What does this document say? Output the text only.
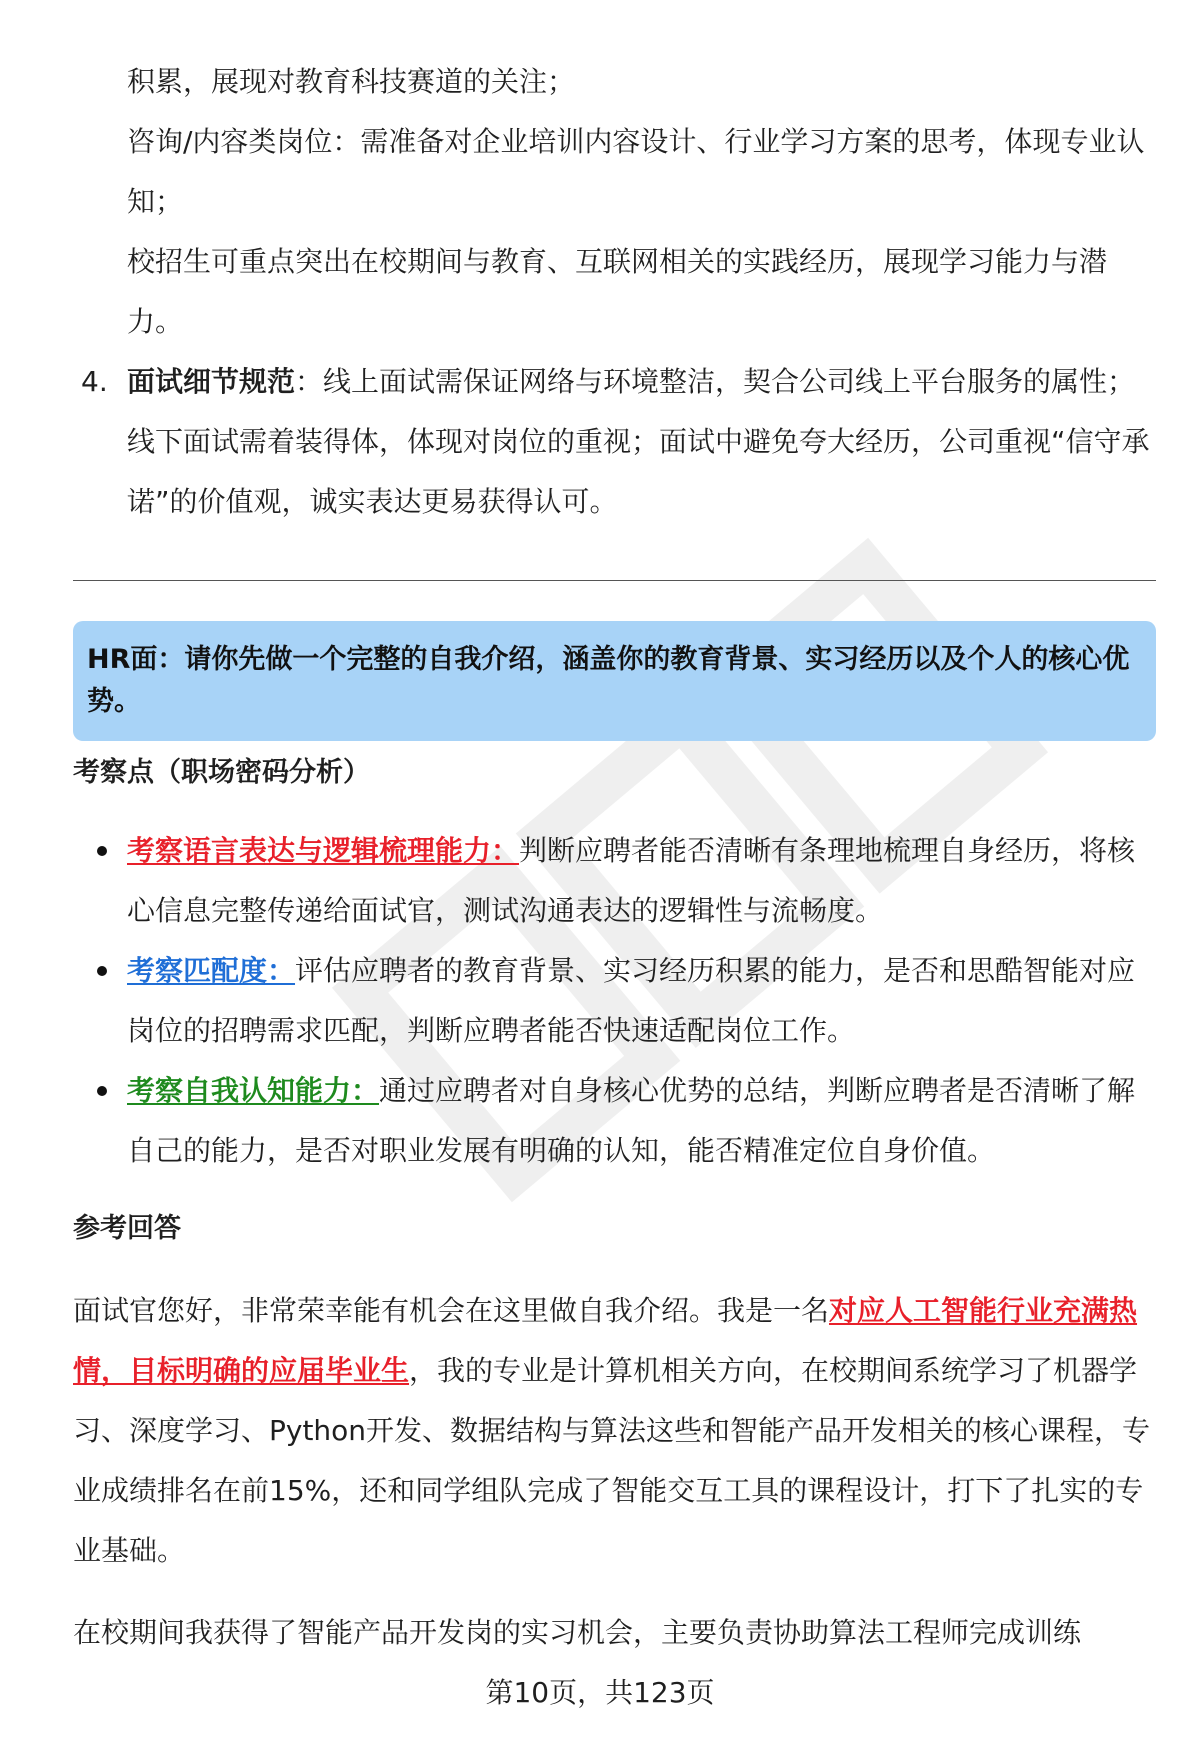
积累，展现对教育科技赛道的关注；

咨询/内容类岗位：需准备对企业培训内容设计、行业学习方案的思考，体现专业认知；

校招生可重点突出在校期间与教育、互联网相关的实践经历，展现学习能力与潜力。

4. 面试细节规范：线上面试需保证网络与环境整洁，契合公司线上平台服务的属性；线下面试需着装得体，体现对岗位的重视；面试中避免夸大经历，公司重视“信守承诺”的价值观，诚实表达更易获得认可。

HR面：请你先做一个完整的自我介绍，涵盖你的教育背景、实习经历以及个人的核心优势。
考察点（职场密码分析）
考察语言表达与逻辑梳理能力：判断应聘者能否清晰有条理地梳理自身经历，将核心信息完整传递给面试官，测试沟通表达的逻辑性与流畅度。
考察匹配度：评估应聘者的教育背景、实习经历积累的能力，是否和思酷智能对应岗位的招聘需求匹配，判断应聘者能否快速适配岗位工作。
考察自我认知能力：通过应聘者对自身核心优势的总结，判断应聘者是否清晰了解自己的能力，是否对职业发展有明确的认知，能否精准定位自身价值。
参考回答

面试官您好，非常荣幸能有机会在这里做自我介绍。我是一名对应人工智能行业充满热情，目标明确的应届毕业生，我的专业是计算机相关方向，在校期间系统学习了机器学习、深度学习、Python开发、数据结构与算法这些和智能产品开发相关的核心课程，专业成绩排名在前15%，还和同学组队完成了智能交互工具的课程设计，打下了扎实的专业基础。

在校期间我获得了智能产品开发岗的实习机会，主要负责协助算法工程师完成训练

第10页，共123页
